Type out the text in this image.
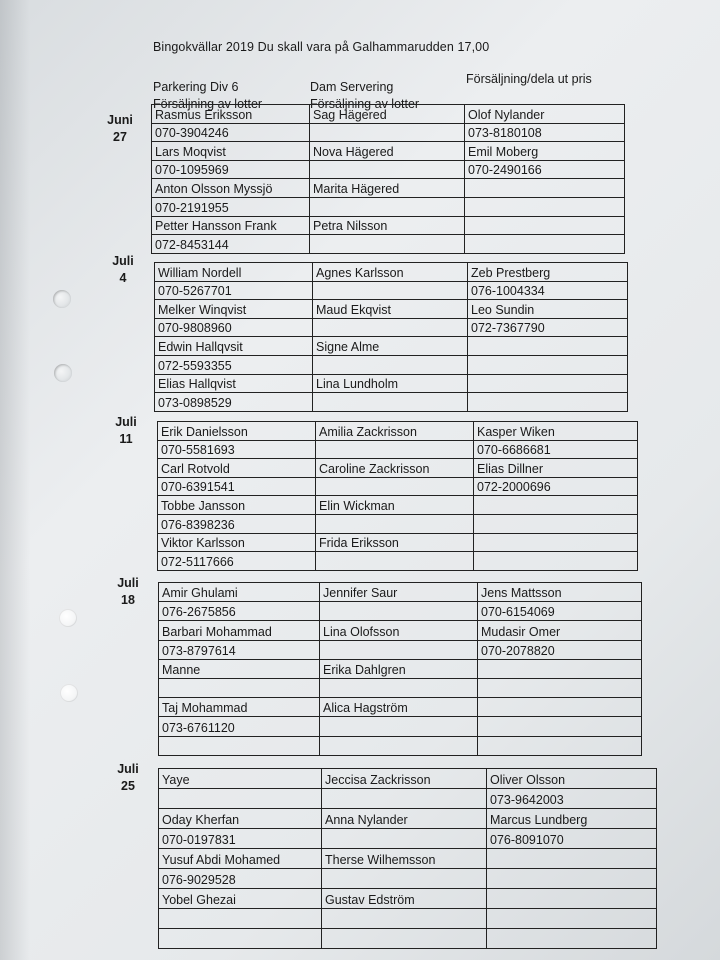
Bingokvällar 2019 Du skall vara på Galhammarudden 17,00
Parkering Div 6
Försäljning av lotter
Dam Servering
Försäljning av lotter
Försäljning/dela ut pris
Juni
27
Rasmus Eriksson	Sag Hägered	Olof Nylander
070-3904246		073-8180108
Lars Moqvist	Nova Hägered	Emil Moberg
070-1095969		070-2490166
Anton Olsson Myssjö	Marita Hägered	
070-2191955		
Petter Hansson Frank	Petra Nilsson	
072-8453144		
Juli
4	William Nordell	Agnes Karlsson	Zeb Prestberg
070-5267701		076-1004334
Melker Winqvist	Maud Ekqvist	Leo Sundin
070-9808960		072-7367790
Edwin Hallqvsit	Signe Alme	
072-5593355		
Elias Hallqvist	Lina Lundholm	
073-0898529		
Juli
11
Erik Danielsson	Amilia Zackrisson	Kasper Wiken
070-5581693		070-6686681
Carl Rotvold	Caroline Zackrisson	Elias Dillner
070-6391541		072-2000696
Tobbe Jansson	Elin Wickman	
076-8398236		
Viktor Karlsson	Frida Eriksson	
072-5117666		
Juli
18	Amir Ghulami	Jennifer Saur	Jens Mattsson
076-2675856		070-6154069
Barbari Mohammad	Lina Olofsson	Mudasir Omer
073-8797614		070-2078820
Manne	Erika Dahlgren	

Taj Mohammad	Alica Hagström	
073-6761120		

Juli
25	Yaye	Jeccisa Zackrisson	Oliver Olsson
		073-9642003
Oday Kherfan	Anna Nylander	Marcus Lundberg
070-0197831		076-8091070
Yusuf Abdi Mohamed	Therse Wilhemsson	
076-9029528		
Yobel Ghezai	Gustav Edström	
